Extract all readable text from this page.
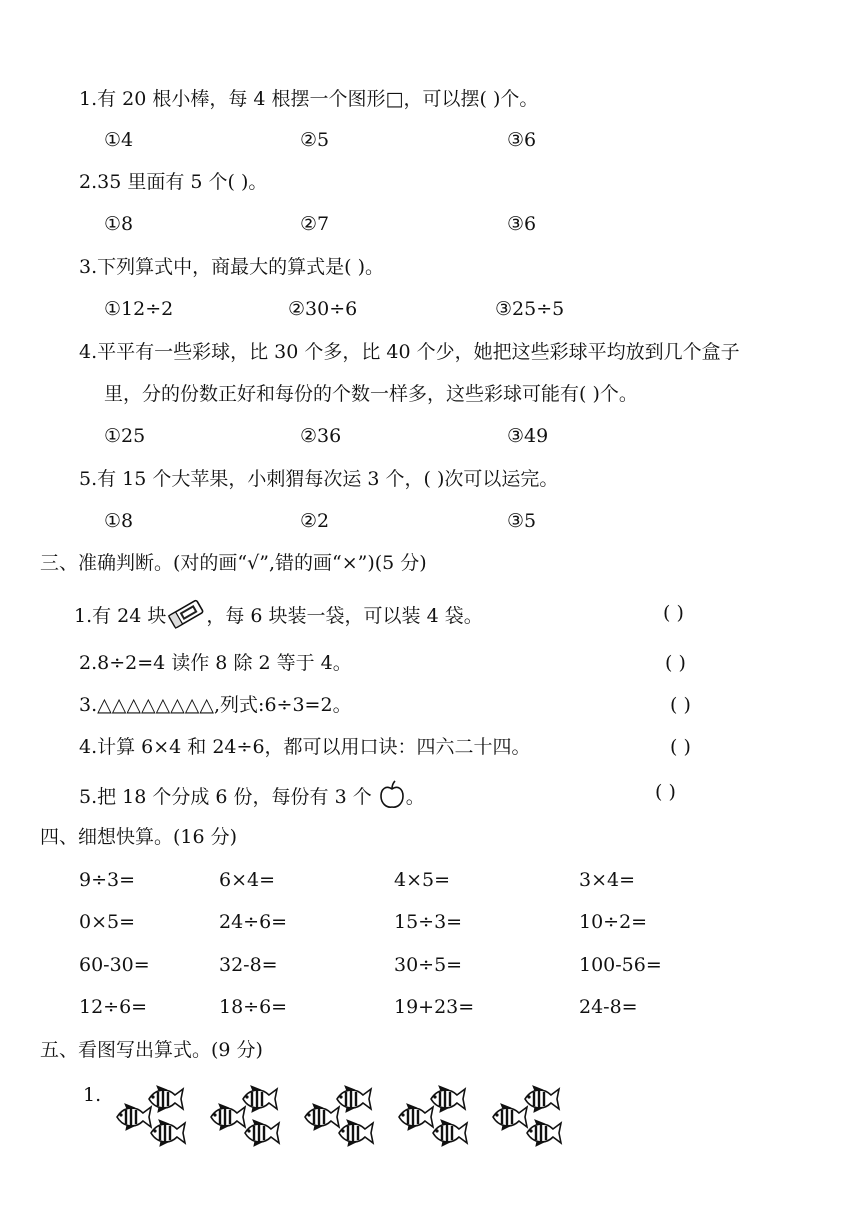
1.有 20 根小棒，每 4 根摆一个图形□，可以摆( )个。
①4	②5	③6
2.35 里面有 5 个( )。
①8	②7	③6
3.下列算式中，商最大的算式是( )。
①12÷2	②30÷6	③25÷5
4.平平有一些彩球，比 30 个多，比 40 个少，她把这些彩球平均放到几个盒子
里，分的份数正好和每份的个数一样多，这些彩球可能有( )个。
①25	②36	③49
5.有 15 个大苹果，小刺猬每次运 3 个，( )次可以运完。
①8	②2	③5
三、准确判断。(对的画“√”,错的画“×”)(5 分)
1.有 24 块 ，每 6 块装一袋，可以装 4 袋。	( )
2.8÷2=4 读作 8 除 2 等于 4。	( )
3.△△△△△△△△,列式:6÷3=2。	( )
4.计算 6×4 和 24÷6，都可以用口诀：四六二十四。	( )
5.把 18 个分成 6 份，每份有 3 个 。	( )
四、细想快算。(16 分)
9÷3=	6×4=	4×5=	3×4=
0×5=	24÷6=	15÷3=	10÷2=
60-30=	32-8=	30÷5=	100-56=
12÷6=	18÷6=	19+23=	24-8=
五、看图写出算式。(9 分)
1.
